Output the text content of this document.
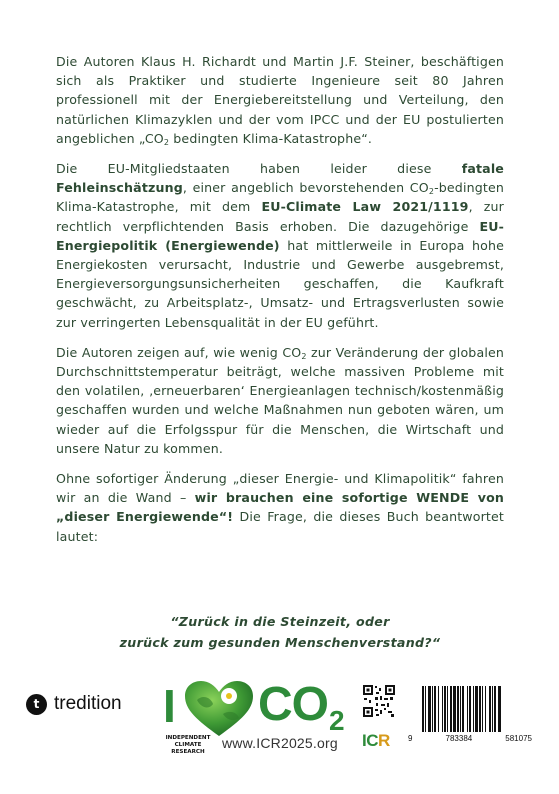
Die Autoren Klaus H. Richardt und Martin J.F. Steiner, beschäftigen sich als Praktiker und studierte Ingenieure seit 80 Jahren professionell mit der Energiebereitstellung und Verteilung, den natürlichen Klimazyklen und der vom IPCC und der EU postulierten angeblichen $„CO_2$ bedingten Klima-Katastrophe“.

Die EU-Mitgliedstaaten haben leider diese fatale Fehleinschätzung, einer angeblich bevorstehenden $CO_2$-bedingten Klima-Katastrophe, mit dem EU-Climate Law 2021/1119, zur rechtlich verpflichtenden Basis erhoben. Die dazugehörige EU-Energiepolitik (Energiewende) hat mittlerweile in Europa hohe Energiekosten verursacht, Industrie und Gewerbe ausgebremst, Energieversorgungsunsicherheiten geschaffen, die Kaufkraft geschwächt, zu Arbeitsplatz-, Umsatz- und Ertragsverlusten sowie zur verringerten Lebensqualität in der EU geführt.

Die Autoren zeigen auf, wie wenig $CO_2$ zur Veränderung der globalen Durchschnittstemperatur beiträgt, welche massiven Probleme mit den volatilen, ‚erneuerbaren‘ Energieanlagen technisch/kostenmäßig geschaffen wurden und welche Maßnahmen nun geboten wären, um wieder auf die Erfolgsspur für die Menschen, die Wirtschaft und unsere Natur zu kommen.

Ohne sofortiger Änderung „dieser Energie- und Klimapolitik“ fahren wir an die Wand – wir brauchen eine sofortige WENDE von „dieser Energiewende“! Die Frage, die dieses Buch beantwortet lautet:

“Zurück in die Steinzeit, oder
zurück zum gesunden Menschenverstand?“
t tredition I $CO_2$
INDEPENDENT
CLIMATE RESEARCH
www.ICR2025.org ICR 9	783384	581075
